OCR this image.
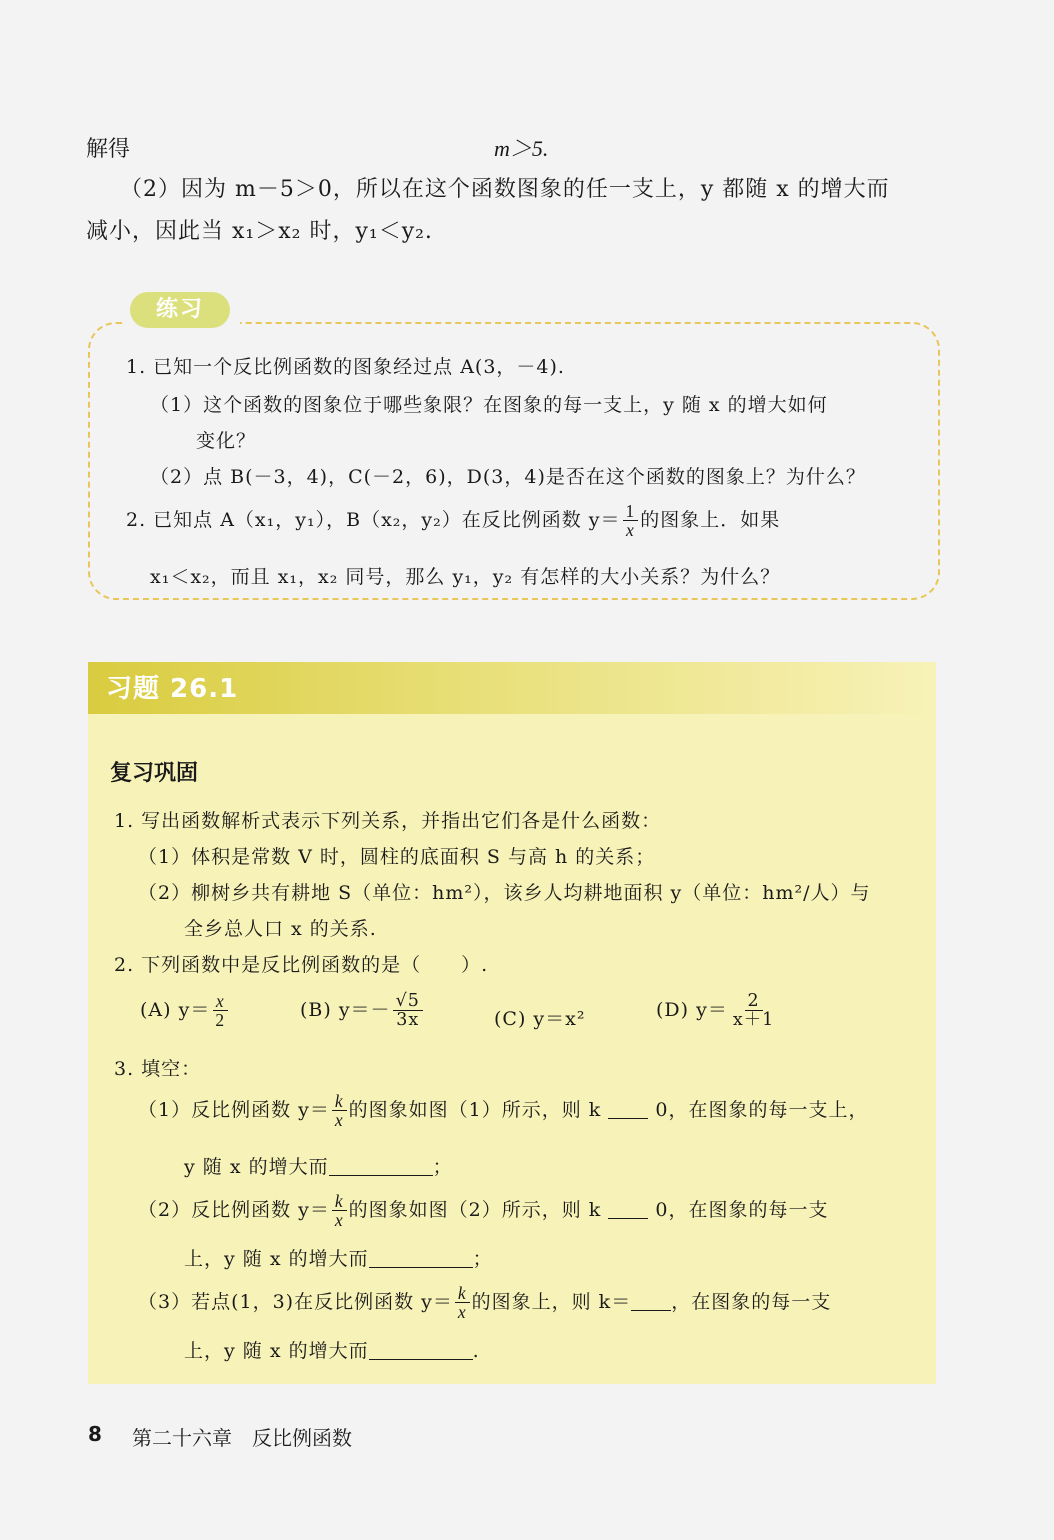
解得	m＞5.
（2）因为 m－5＞0，所以在这个函数图象的任一支上，y 都随 x 的增大而
减小，因此当 x₁＞x₂ 时，y₁＜y₂.
练习
1. 已知一个反比例函数的图象经过点 A(3，－4).
（1）这个函数的图象位于哪些象限？在图象的每一支上，y 随 x 的增大如何
变化？
（2）点 B(－3，4)，C(－2，6)，D(3，4)是否在这个函数的图象上？为什么？
2. 已知点 A（x₁，y₁），B（x₂，y₂）在反比例函数 $y= \frac{1}{x}$ 的图象上．如果
x₁＜x₂，而且 x₁，x₂ 同号，那么 y₁，y₂ 有怎样的大小关系？为什么？
习题 26.1
复习巩固
1. 写出函数解析式表示下列关系，并指出它们各是什么函数：
（1）体积是常数 V 时，圆柱的底面积 S 与高 h 的关系；
（2）柳树乡共有耕地 S（单位：hm²），该乡人均耕地面积 y（单位：hm²/人）与
全乡总人口 x 的关系.
2. 下列函数中是反比例函数的是（　　）.
(A) $y= \frac{x}{2}$	(B) $y=- \frac{√5}{3x}$	(C) y＝x²	(D) $y= \frac{2}{x+1}$
3. 填空：
（1）反比例函数 $y= \frac{k}{x}$ 的图象如图（1）所示，则 k	0，在图象的每一支上，
y 随 x 的增大而	；
（2）反比例函数 $y= \frac{k}{x}$ 的图象如图（2）所示，则 k	0，在图象的每一支
上，y 随 x 的增大而	；
（3）若点(1，3)在反比例函数 $y= \frac{k}{x}$ 的图象上，则 k＝ ，在图象的每一支
上，y 随 x 的增大而	.
8 第二十六章　反比例函数
